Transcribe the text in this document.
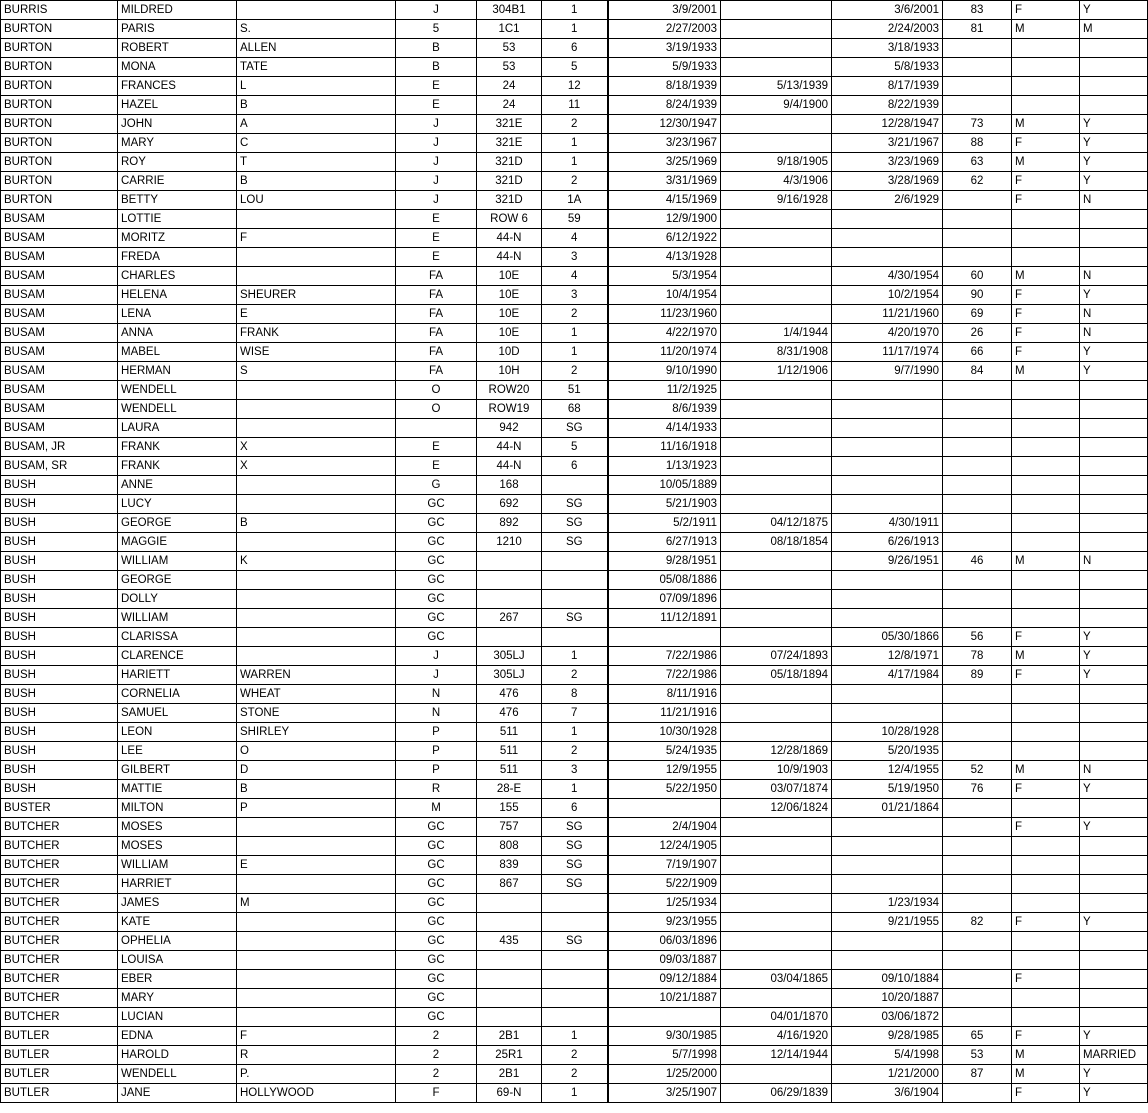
BURRIS	MILDRED		J	304B1	1	3/9/2001		3/6/2001	83	F	Y
BURTON	PARIS	S.	5	1C1	1	2/27/2003		2/24/2003	81	M	M
BURTON	ROBERT	ALLEN	B	53	6	3/19/1933		3/18/1933			
BURTON	MONA	TATE	B	53	5	5/9/1933		5/8/1933			
BURTON	FRANCES	L	E	24	12	8/18/1939	5/13/1939	8/17/1939			
BURTON	HAZEL	B	E	24	11	8/24/1939	9/4/1900	8/22/1939			
BURTON	JOHN	A	J	321E	2	12/30/1947		12/28/1947	73	M	Y
BURTON	MARY	C	J	321E	1	3/23/1967		3/21/1967	88	F	Y
BURTON	ROY	T	J	321D	1	3/25/1969	9/18/1905	3/23/1969	63	M	Y
BURTON	CARRIE	B	J	321D	2	3/31/1969	4/3/1906	3/28/1969	62	F	Y
BURTON	BETTY	LOU	J	321D	1A	4/15/1969	9/16/1928	2/6/1929		F	N
BUSAM	LOTTIE		E	ROW 6	59	12/9/1900					
BUSAM	MORITZ	F	E	44-N	4	6/12/1922					
BUSAM	FREDA		E	44-N	3	4/13/1928					
BUSAM	CHARLES		FA	10E	4	5/3/1954		4/30/1954	60	M	N
BUSAM	HELENA	SHEURER	FA	10E	3	10/4/1954		10/2/1954	90	F	Y
BUSAM	LENA	E	FA	10E	2	11/23/1960		11/21/1960	69	F	N
BUSAM	ANNA	FRANK	FA	10E	1	4/22/1970	1/4/1944	4/20/1970	26	F	N
BUSAM	MABEL	WISE	FA	10D	1	11/20/1974	8/31/1908	11/17/1974	66	F	Y
BUSAM	HERMAN	S	FA	10H	2	9/10/1990	1/12/1906	9/7/1990	84	M	Y
BUSAM	WENDELL		O	ROW20	51	11/2/1925					
BUSAM	WENDELL		O	ROW19	68	8/6/1939					
BUSAM	LAURA			942	SG	4/14/1933					
BUSAM, JR	FRANK	X	E	44-N	5	11/16/1918					
BUSAM, SR	FRANK	X	E	44-N	6	1/13/1923					
BUSH	ANNE		G	168		10/05/1889					
BUSH	LUCY		GC	692	SG	5/21/1903					
BUSH	GEORGE	B	GC	892	SG	5/2/1911	04/12/1875	4/30/1911			
BUSH	MAGGIE		GC	1210	SG	6/27/1913	08/18/1854	6/26/1913			
BUSH	WILLIAM	K	GC			9/28/1951		9/26/1951	46	M	N
BUSH	GEORGE		GC			05/08/1886					
BUSH	DOLLY		GC			07/09/1896					
BUSH	WILLIAM		GC	267	SG	11/12/1891					
BUSH	CLARISSA		GC					05/30/1866	56	F	Y
BUSH	CLARENCE		J	305LJ	1	7/22/1986	07/24/1893	12/8/1971	78	M	Y
BUSH	HARIETT	WARREN	J	305LJ	2	7/22/1986	05/18/1894	4/17/1984	89	F	Y
BUSH	CORNELIA	WHEAT	N	476	8	8/11/1916					
BUSH	SAMUEL	STONE	N	476	7	11/21/1916					
BUSH	LEON	SHIRLEY	P	511	1	10/30/1928		10/28/1928			
BUSH	LEE	O	P	511	2	5/24/1935	12/28/1869	5/20/1935			
BUSH	GILBERT	D	P	511	3	12/9/1955	10/9/1903	12/4/1955	52	M	N
BUSH	MATTIE	B	R	28-E	1	5/22/1950	03/07/1874	5/19/1950	76	F	Y
BUSTER	MILTON	P	M	155	6		12/06/1824	01/21/1864			
BUTCHER	MOSES		GC	757	SG	2/4/1904				F	Y
BUTCHER	MOSES		GC	808	SG	12/24/1905					
BUTCHER	WILLIAM	E	GC	839	SG	7/19/1907					
BUTCHER	HARRIET		GC	867	SG	5/22/1909					
BUTCHER	JAMES	M	GC			1/25/1934		1/23/1934			
BUTCHER	KATE		GC			9/23/1955		9/21/1955	82	F	Y
BUTCHER	OPHELIA		GC	435	SG	06/03/1896					
BUTCHER	LOUISA		GC			09/03/1887					
BUTCHER	EBER		GC			09/12/1884	03/04/1865	09/10/1884		F	
BUTCHER	MARY		GC			10/21/1887		10/20/1887			
BUTCHER	LUCIAN		GC				04/01/1870	03/06/1872			
BUTLER	EDNA	F	2	2B1	1	9/30/1985	4/16/1920	9/28/1985	65	F	Y
BUTLER	HAROLD	R	2	25R1	2	5/7/1998	12/14/1944	5/4/1998	53	M	MARRIED
BUTLER	WENDELL	P.	2	2B1	2	1/25/2000		1/21/2000	87	M	Y
BUTLER	JANE	HOLLYWOOD	F	69-N	1	3/25/1907	06/29/1839	3/6/1904		F	Y
